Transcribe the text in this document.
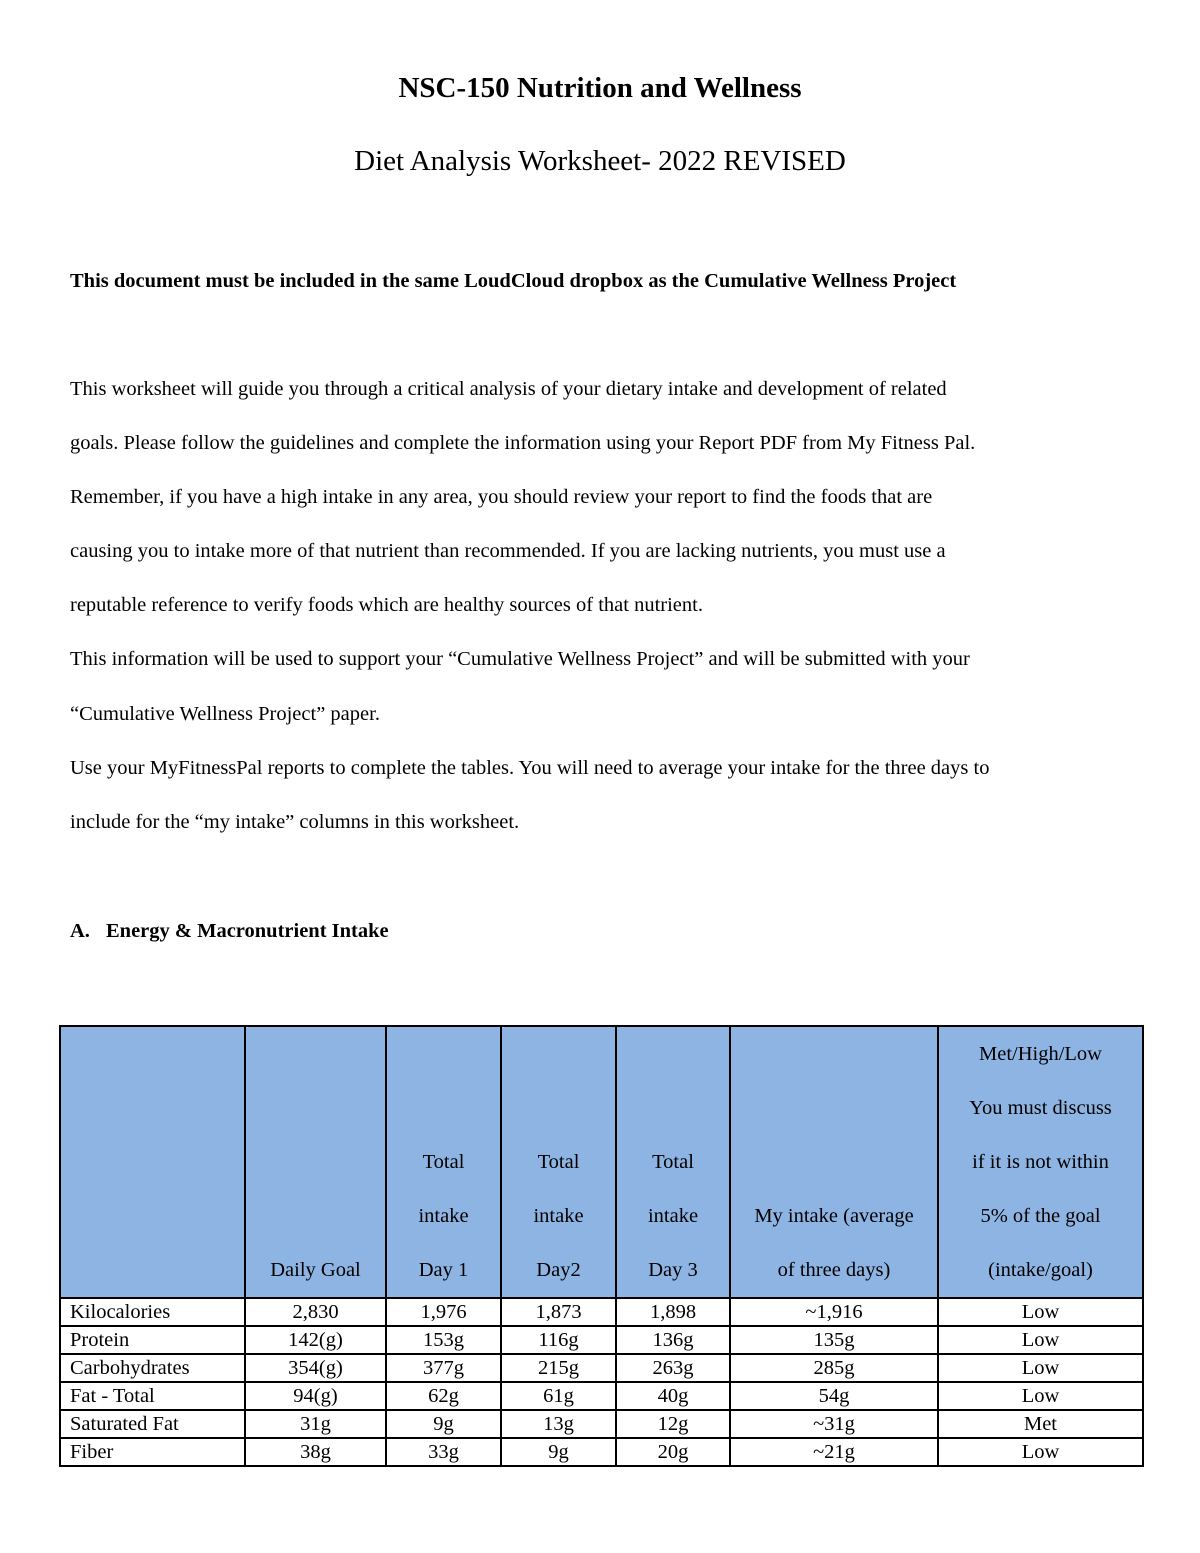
NSC-150 Nutrition and Wellness
Diet Analysis Worksheet- 2022 REVISED
This document must be included in the same LoudCloud dropbox as the Cumulative Wellness Project
This worksheet will guide you through a critical analysis of your dietary intake and development of related
goals. Please follow the guidelines and complete the information using your Report PDF from My Fitness Pal.
Remember, if you have a high intake in any area, you should review your report to find the foods that are
causing you to intake more of that nutrient than recommended. If you are lacking nutrients, you must use a
reputable reference to verify foods which are healthy sources of that nutrient.
This information will be used to support your “Cumulative Wellness Project” and will be submitted with your
“Cumulative Wellness Project” paper.
Use your MyFitnessPal reports to complete the tables. You will need to average your intake for the three days to
include for the “my intake” columns in this worksheet.
A. Energy & Macronutrient Intake

	Daily Goal	Total
intake
Day 1	Total
intake
Day2	Total
intake
Day 3	My intake (average
of three days)	Met/High/Low
You must discuss
if it is not within
5% of the goal
(intake/goal)

Kilocalories	2,830	1,976	1,873	1,898	~1,916	Low
Protein	142(g)	153g	116g	136g	135g	Low
Carbohydrates	354(g)	377g	215g	263g	285g	Low
Fat - Total	94(g)	62g	61g	40g	54g	Low
Saturated Fat	31g	9g	13g	12g	~31g	Met
Fiber	38g	33g	9g	20g	~21g	Low
